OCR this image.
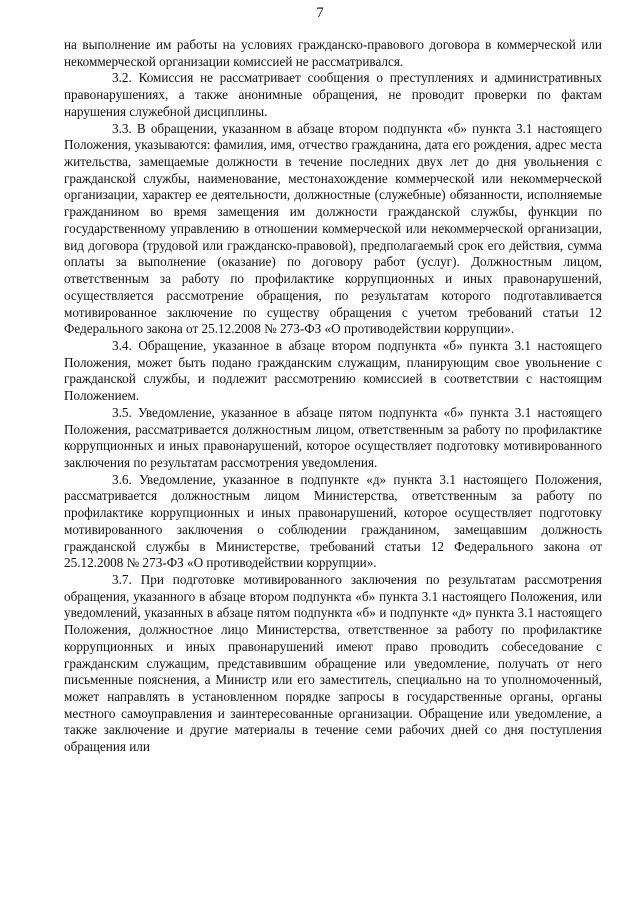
7

на выполнение им работы на условиях гражданско-правового договора в коммерческой или некоммерческой организации комиссией не рассматривался.

3.2. Комиссия не рассматривает сообщения о преступлениях и административных правонарушениях, а также анонимные обращения, не проводит проверки по фактам нарушения служебной дисциплины.

3.3. В обращении, указанном в абзаце втором подпункта «б» пункта 3.1 настоящего Положения, указываются: фамилия, имя, отчество гражданина, дата его рождения, адрес места жительства, замещаемые должности в течение последних двух лет до дня увольнения с гражданской службы, наименование, местонахождение коммерческой или некоммерческой организации, характер ее деятельности, должностные (служебные) обязанности, исполняемые гражданином во время замещения им должности гражданской службы, функции по государственному управлению в отношении коммерческой или некоммерческой организации, вид договора (трудовой или гражданско-правовой), предполагаемый срок его действия, сумма оплаты за выполнение (оказание) по договору работ (услуг). Должностным лицом, ответственным за работу по профилактике коррупционных и иных правонарушений, осуществляется рассмотрение обращения, по результатам которого подготавливается мотивированное заключение по существу обращения с учетом требований статьи 12 Федерального закона от 25.12.2008 № 273-ФЗ «О противодействии коррупции».

3.4. Обращение, указанное в абзаце втором подпункта «б» пункта 3.1 настоящего Положения, может быть подано гражданским служащим, планирующим свое увольнение с гражданской службы, и подлежит рассмотрению комиссией в соответствии с настоящим Положением.

3.5. Уведомление, указанное в абзаце пятом подпункта «б» пункта 3.1 настоящего Положения, рассматривается должностным лицом, ответственным за работу по профилактике коррупционных и иных правонарушений, которое осуществляет подготовку мотивированного заключения по результатам рассмотрения уведомления.

3.6. Уведомление, указанное в подпункте «д» пункта 3.1 настоящего Положения, рассматривается должностным лицом Министерства, ответственным за работу по профилактике коррупционных и иных правонарушений, которое осуществляет подготовку мотивированного заключения о соблюдении гражданином, замещавшим должность гражданской службы в Министерстве, требований статьи 12 Федерального закона от 25.12.2008 № 273-ФЗ «О противодействии коррупции».

3.7. При подготовке мотивированного заключения по результатам рассмотрения обращения, указанного в абзаце втором подпункта «б» пункта 3.1 настоящего Положения, или уведомлений, указанных в абзаце пятом подпункта «б» и подпункте «д» пункта 3.1 настоящего Положения, должностное лицо Министерства, ответственное за работу по профилактике коррупционных и иных правонарушений имеют право проводить собеседование с гражданским служащим, представившим обращение или уведомление, получать от него письменные пояснения, а Министр или его заместитель, специально на то уполномоченный, может направлять в установленном порядке запросы в государственные органы, органы местного самоуправления и заинтересованные организации. Обращение или уведомление, а также заключение и другие материалы в течение семи рабочих дней со дня поступления обращения или
